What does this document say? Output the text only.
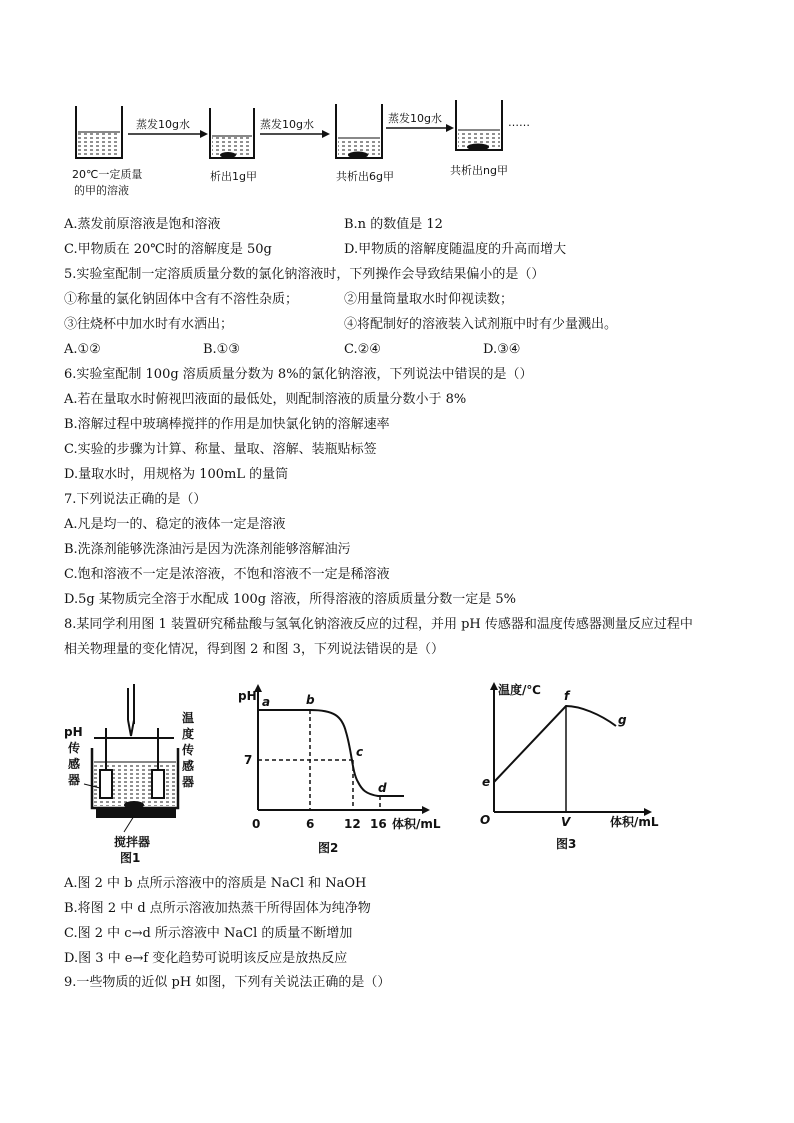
……
蒸发10g水	蒸发10g水	蒸发10g水
20℃一定质量
的甲的溶液
析出1g甲	共析出6g甲	共析出ng甲
A.蒸发前原溶液是饱和溶液	B.n 的数值是 12
C.甲物质在 20℃时的溶解度是 50g	D.甲物质的溶解度随温度的升高而增大
5.实验室配制一定溶质质量分数的氯化钠溶液时，下列操作会导致结果偏小的是（）
①称量的氯化钠固体中含有不溶性杂质；	②用量筒量取水时仰视读数；
③往烧杯中加水时有水洒出；	④将配制好的溶液装入试剂瓶中时有少量溅出。
A.①②	B.①③	C.②④	D.③④
6.实验室配制 100g 溶质质量分数为 8%的氯化钠溶液，下列说法中错误的是（）
A.若在量取水时俯视凹液面的最低处，则配制溶液的质量分数小于 8%
B.溶解过程中玻璃棒搅拌的作用是加快氯化钠的溶解速率
C.实验的步骤为计算、称量、量取、溶解、装瓶贴标签
D.量取水时，用规格为 100mL 的量筒
7.下列说法正确的是（）
A.凡是均一的、稳定的液体一定是溶液
B.洗涤剂能够洗涤油污是因为洗涤剂能够溶解油污
C.饱和溶液不一定是浓溶液，不饱和溶液不一定是稀溶液
D.5g 某物质完全溶于水配成 100g 溶液，所得溶液的溶质质量分数一定是 5%
8.某同学利用图 1 装置研究稀盐酸与氢氧化钠溶液反应的过程，并用 pH 传感器和温度传感器测量反应过程中
相关物理量的变化情况，得到图 2 和图 3，下列说法错误的是（）
pH
传
感
器
温
度
传
感
器
搅拌器
图1
pH a	b
c
d
7
0	6 12 16 体积/mL
图2
温度/℃
e
f
g
O	V	体积/mL
图3
A.图 2 中 b 点所示溶液中的溶质是 NaCl 和 NaOH
B.将图 2 中 d 点所示溶液加热蒸干所得固体为纯净物
C.图 2 中 c→d 所示溶液中 NaCl 的质量不断增加
D.图 3 中 e→f 变化趋势可说明该反应是放热反应
9.一些物质的近似 pH 如图，下列有关说法正确的是（）
